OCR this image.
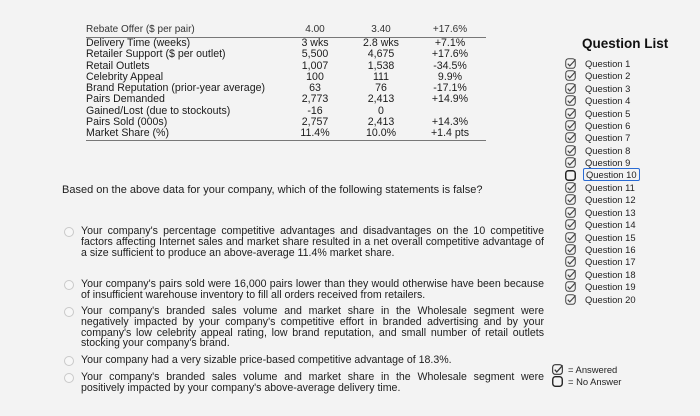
Rebate Offer ($ per pair)	4.00	3.40	+17.6%

Delivery Time (weeks)	3 wks	2.8 wks	+7.1%
Retailer Support ($ per outlet)	5,500	4,675	+17.6%
Retail Outlets	1,007	1,538	-34.5%
Celebrity Appeal	100	111	9.9%
Brand Reputation (prior-year average)	63	76	-17.1%
Pairs Demanded	2,773	2,413	+14.9%
Gained/Lost (due to stockouts)	-16	0	
Pairs Sold (000s)	2,757	2,413	+14.3%
Market Share (%)	11.4%	10.0%	+1.4 pts
Based on the above data for your company, which of the following statements is false?
Your company's percentage competitive advantages and disadvantages on the 10 competitive factors affecting Internet sales and market share resulted in a net overall competitive advantage of a size sufficient to produce an above-average 11.4% market share.
Your company's pairs sold were 16,000 pairs lower than they would otherwise have been because of insufficient warehouse inventory to fill all orders received from retailers.
Your company's branded sales volume and market share in the Wholesale segment were negatively impacted by your company's competitive effort in branded advertising and by your company's low celebrity appeal rating, low brand reputation, and small number of retail outlets stocking your company's brand.
Your company had a very sizable price-based competitive advantage of 18.3%.
Your company's branded sales volume and market share in the Wholesale segment were positively impacted by your company's above-average delivery time.
Question List
Question 1
Question 2
Question 3
Question 4
Question 5
Question 6
Question 7
Question 8
Question 9
Question 10
Question 11
Question 12
Question 13
Question 14
Question 15
Question 16
Question 17
Question 18
Question 19
Question 20
= Answered
= No Answer
